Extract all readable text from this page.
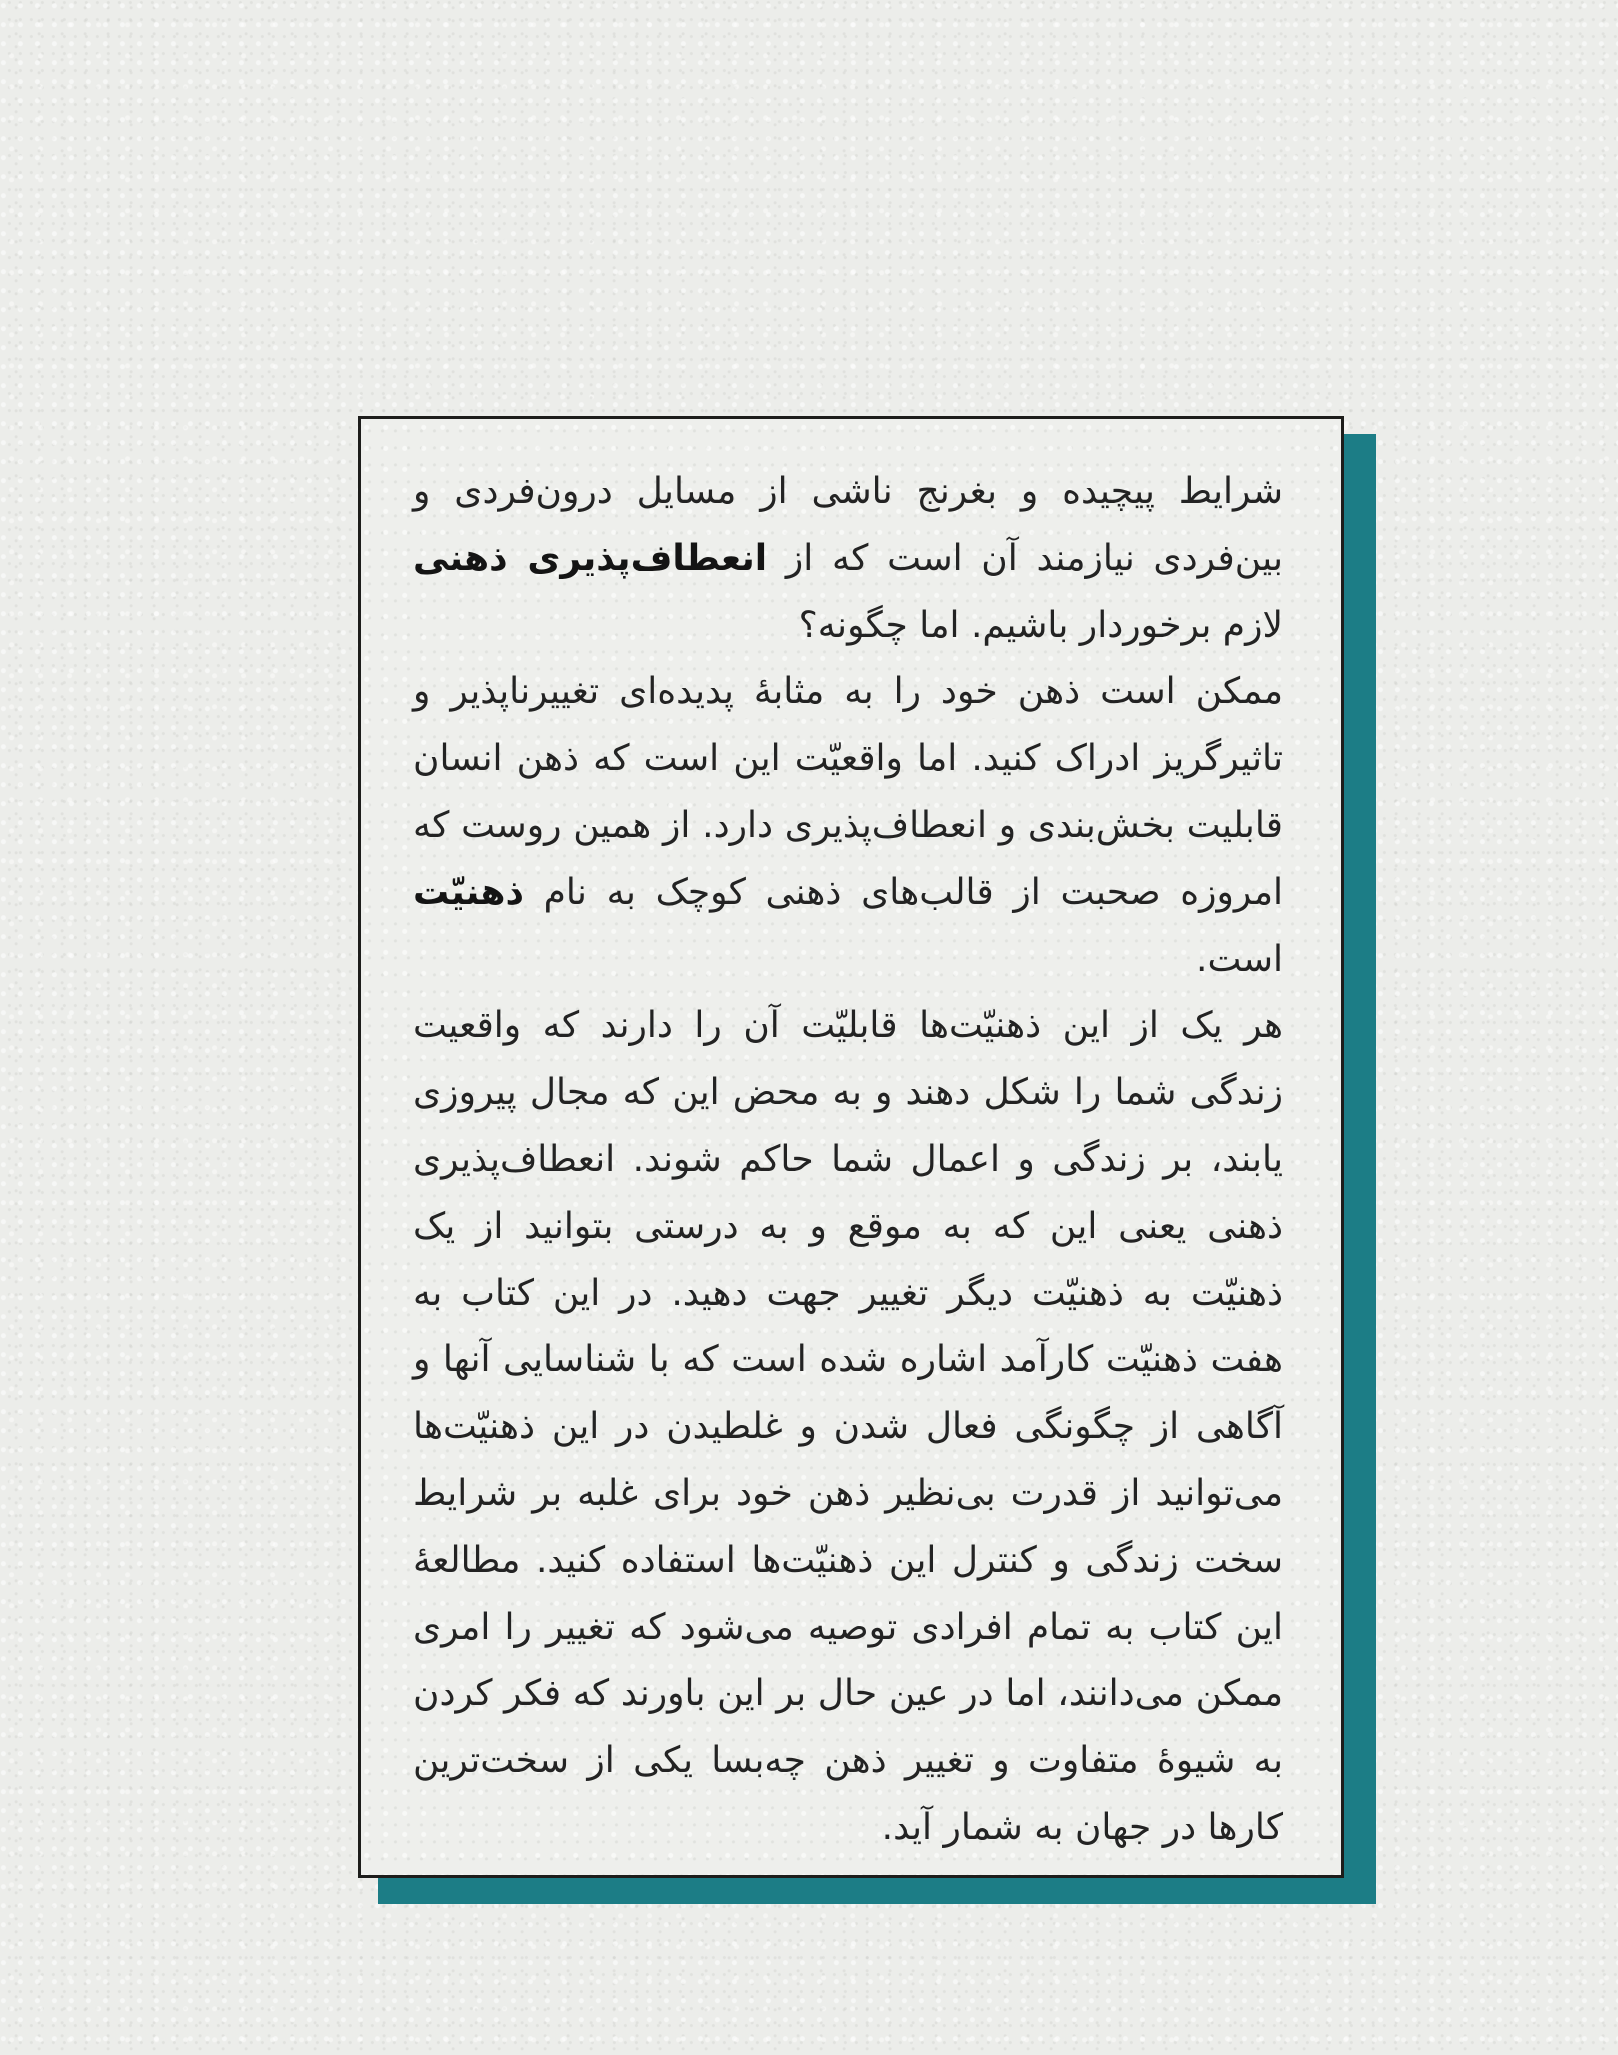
شرایط پیچیده و بغرنج ناشی از مسایل درون‌فردی و بین‌فردی نیازمند آن است که از انعطاف‌پذیری ذهنی لازم برخوردار باشیم. اما چگونه؟
ممکن است ذهن خود را به مثابهٔ پدیده‌ای تغییرناپذیر و تاثیرگریز ادراک کنید. اما واقعیّت این است که ذهن انسان قابلیت بخش‌بندی و انعطاف‌پذیری دارد. از همین روست که امروزه صحبت از قالب‌های ذهنی کوچک به نام ذهنیّت است.
هر یک از این ذهنیّت‌ها قابلیّت آن را دارند که واقعیت زندگی شما را شکل دهند و به محض این که مجال پیروزی یابند، بر زندگی و اعمال شما حاکم شوند. انعطاف‌پذیری ذهنی یعنی این که به موقع و به درستی بتوانید از یک ذهنیّت به ذهنیّت دیگر تغییر جهت دهید. در این کتاب به هفت ذهنیّت کارآمد اشاره شده است که با شناسایی آنها و آگاهی از چگونگی فعال شدن و غلطیدن در این ذهنیّت‌ها می‌توانید از قدرت بی‌نظیر ذهن خود برای غلبه بر شرایط سخت زندگی و کنترل این ذهنیّت‌ها استفاده کنید. مطالعهٔ این کتاب به تمام افرادی توصیه می‌شود که تغییر را امری ممکن می‌دانند، اما در عین حال بر این باورند که فکر کردن به شیوهٔ متفاوت و تغییر ذهن چه‌بسا یکی از سخت‌ترین کارها در جهان به شمار آید.
